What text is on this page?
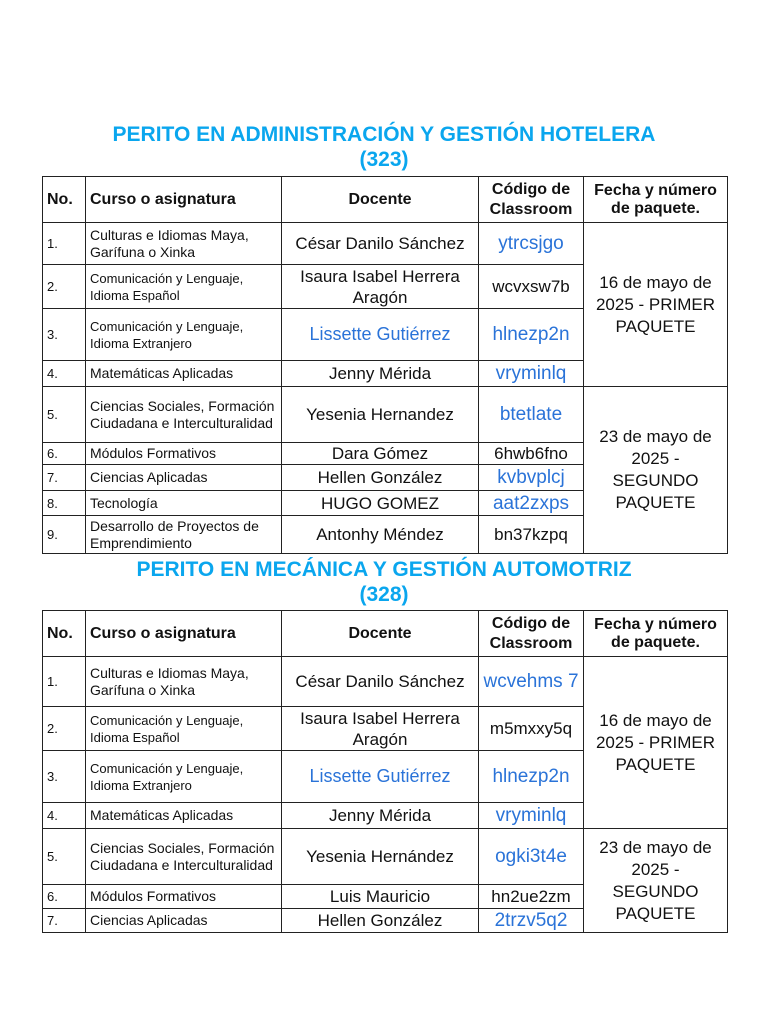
PERITO EN ADMINISTRACIÓN Y GESTIÓN HOTELERA
(323)
No.	Curso o asignatura	Docente	Código de Classroom	Fecha y número de paquete.
1.	Culturas e Idiomas Maya, Garífuna o Xinka	César Danilo Sánchez	ytrcsjgo	16 de mayo de 2025 - PRIMER PAQUETE
2.	Comunicación y Lenguaje, Idioma Español	Isaura Isabel Herrera Aragón	wcvxsw7b	
3.	Comunicación y Lenguaje, Idioma Extranjero	Lissette Gutiérrez	hlnezp2n	
4.	Matemáticas Aplicadas	Jenny Mérida	vryminlq	
5.	Ciencias Sociales, Formación Ciudadana e Interculturalidad	Yesenia Hernandez	btetlate	23 de mayo de 2025 - SEGUNDO PAQUETE
6.	Módulos Formativos	Dara Gómez	6hwb6fno	
7.	Ciencias Aplicadas	Hellen González	kvbvplcj	
8.	Tecnología	HUGO GOMEZ	aat2zxps	
9.	Desarrollo de Proyectos de Emprendimiento	Antonhy Méndez	bn37kzpq	
PERITO EN MECÁNICA Y GESTIÓN AUTOMOTRIZ
(328)
No.	Curso o asignatura	Docente	Código de Classroom	Fecha y número de paquete.
1.	Culturas e Idiomas Maya, Garífuna o Xinka	César Danilo Sánchez	wcvehms 7	16 de mayo de 2025 - PRIMER PAQUETE
2.	Comunicación y Lenguaje, Idioma Español	Isaura Isabel Herrera Aragón	m5mxxy5q	
3.	Comunicación y Lenguaje, Idioma Extranjero	Lissette Gutiérrez	hlnezp2n	
4.	Matemáticas Aplicadas	Jenny Mérida	vryminlq	
5.	Ciencias Sociales, Formación Ciudadana e Interculturalidad	Yesenia Hernández	ogki3t4e	23 de mayo de 2025 - SEGUNDO PAQUETE
6.	Módulos Formativos	Luis Mauricio	hn2ue2zm	
7.	Ciencias Aplicadas	Hellen González	2trzv5q2	
